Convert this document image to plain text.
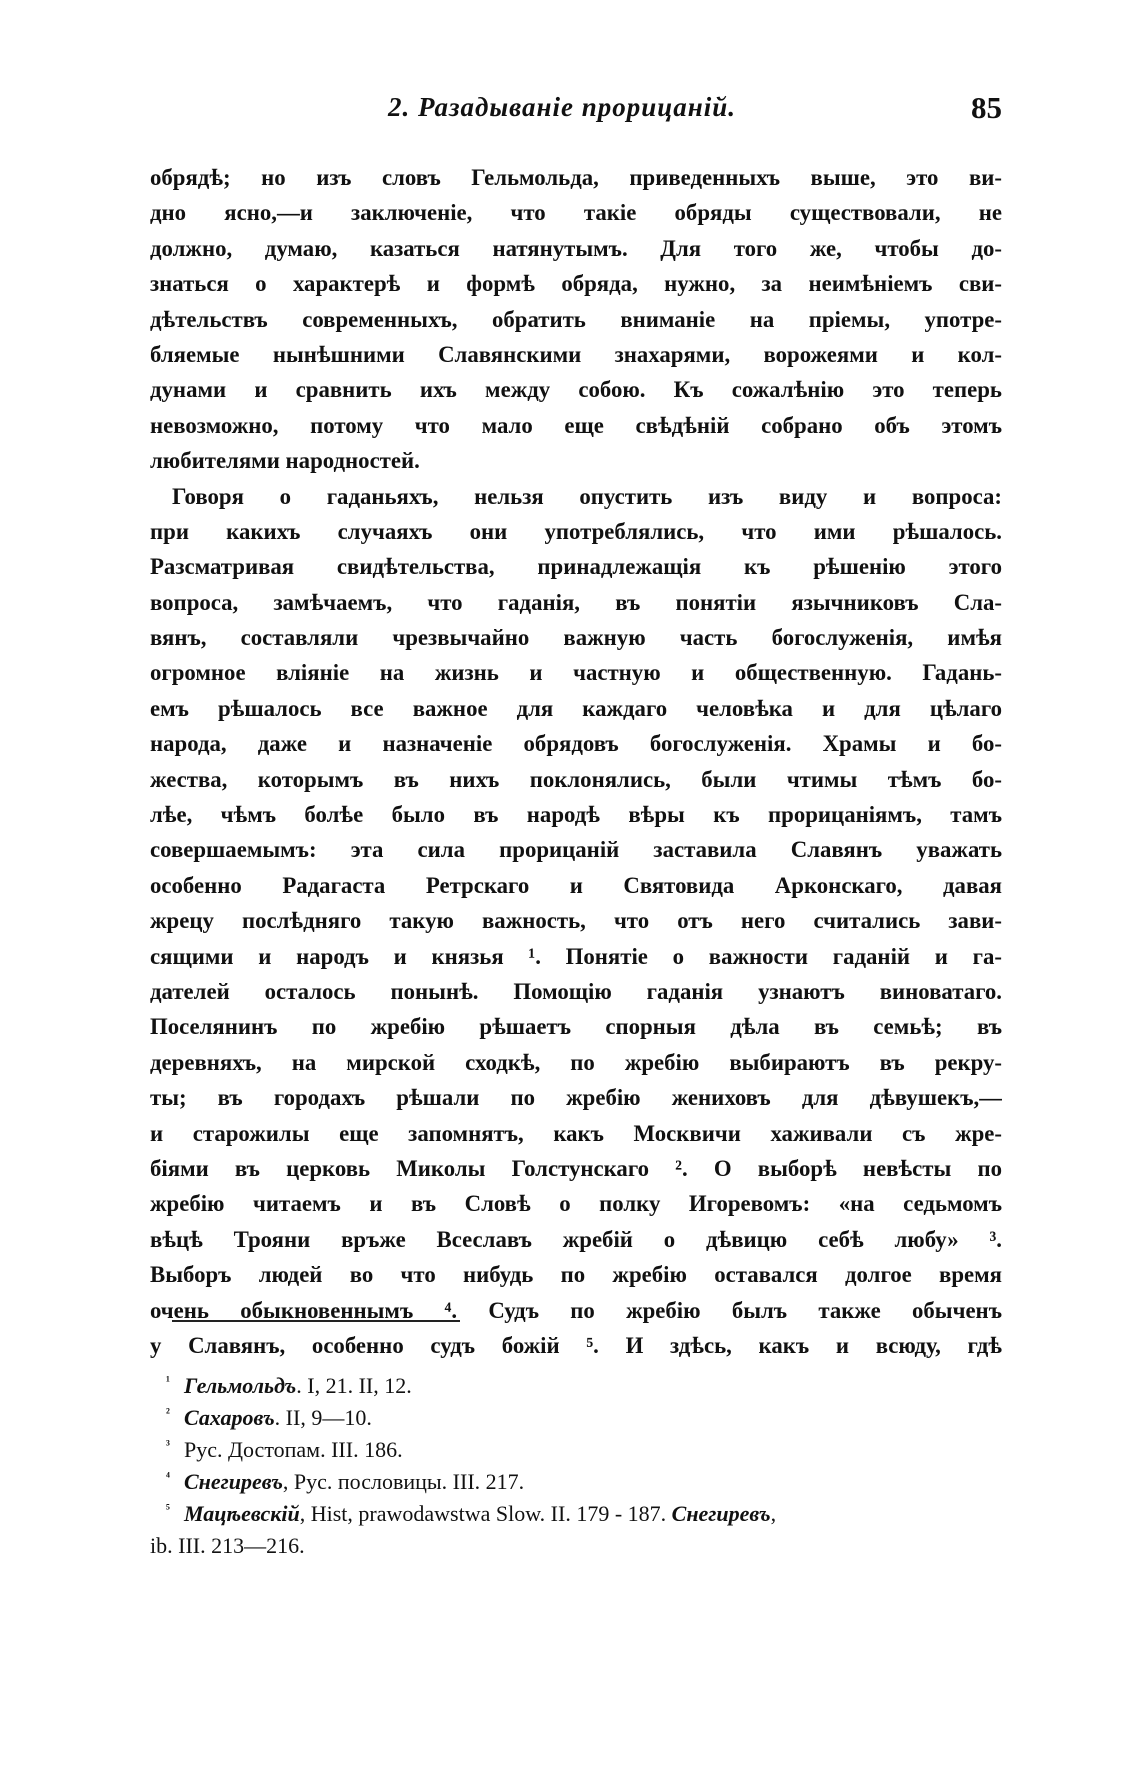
2. Разадываніе прорицаній.	85
обрядѣ; но изъ словъ Гельмольда, приведенныхъ выше, это ви-
дно ясно,—и заключеніе, что такіе обряды существовали, не
должно, думаю, казаться натянутымъ. Для того же, чтобы до-
знаться о характерѣ и формѣ обряда, нужно, за неимѣніемъ сви-
дѣтельствъ современныхъ, обратить вниманіе на пріемы, употре-
бляемые нынѣшними Славянскими знахарями, ворожеями и кол-
дунами и сравнить ихъ между собою. Къ сожалѣнію это теперь
невозможно, потому что мало еще свѣдѣній собрано объ этомъ
любителями народностей.
Говоря о гаданьяхъ, нельзя опустить изъ виду и вопроса:
при какихъ случаяхъ они употреблялись, что ими рѣшалось.
Разсматривая свидѣтельства, принадлежащія къ рѣшенію этого
вопроса, замѣчаемъ, что гаданія, въ понятіи язычниковъ Сла-
вянъ, составляли чрезвычайно важную часть богослуженія, имѣя
огромное вліяніе на жизнь и частную и общественную. Гадань-
емъ рѣшалось все важное для каждаго человѣка и для цѣлаго
народа, даже и назначеніе обрядовъ богослуженія. Храмы и бо-
жества, которымъ въ нихъ поклонялись, были чтимы тѣмъ бо-
лѣе, чѣмъ болѣе было въ народѣ вѣры къ прорицаніямъ, тамъ
совершаемымъ: эта сила прорицаній заставила Славянъ уважать
особенно Радагаста Ретрскаго и Святовида Арконскаго, давая
жрецу послѣдняго такую важность, что отъ него считались зави-
сящими и народъ и князья ¹. Понятіе о важности гаданій и га-
дателей осталось понынѣ. Помощію гаданія узнаютъ виноватаго.
Поселянинъ по жребію рѣшаетъ спорныя дѣла въ семьѣ; въ
деревняхъ, на мирской сходкѣ, по жребію выбираютъ въ рекру-
ты; въ городахъ рѣшали по жребію жениховъ для дѣвушекъ,—
и старожилы еще запомнятъ, какъ Москвичи хаживали съ жре-
біями въ церковь Миколы Голстунскаго ². О выборѣ невѣсты по
жребію читаемъ и въ Словѣ о полку Игоревомъ: «на седьмомъ
вѣцѣ Трояни връже Всеславъ жребій о дѣвицю себѣ любу» ³.
Выборъ людей во что нибудь по жребію оставался долгое время
очень обыкновеннымъ ⁴. Судъ по жребію былъ также обыченъ
у Славянъ, особенно судъ божій ⁵. И здѣсь, какъ и всюду, гдѣ
¹ Гельмольдъ. I, 21. II, 12.
² Сахаровъ. II, 9—10.
³ Рус. Достопам. III. 186.
⁴ Снегиревъ, Рус. пословицы. III. 217.
⁵ Мацѣевскій, Hist, prawodawstwa Slow. II. 179 - 187. Снегиревъ,
ib. III. 213—216.
